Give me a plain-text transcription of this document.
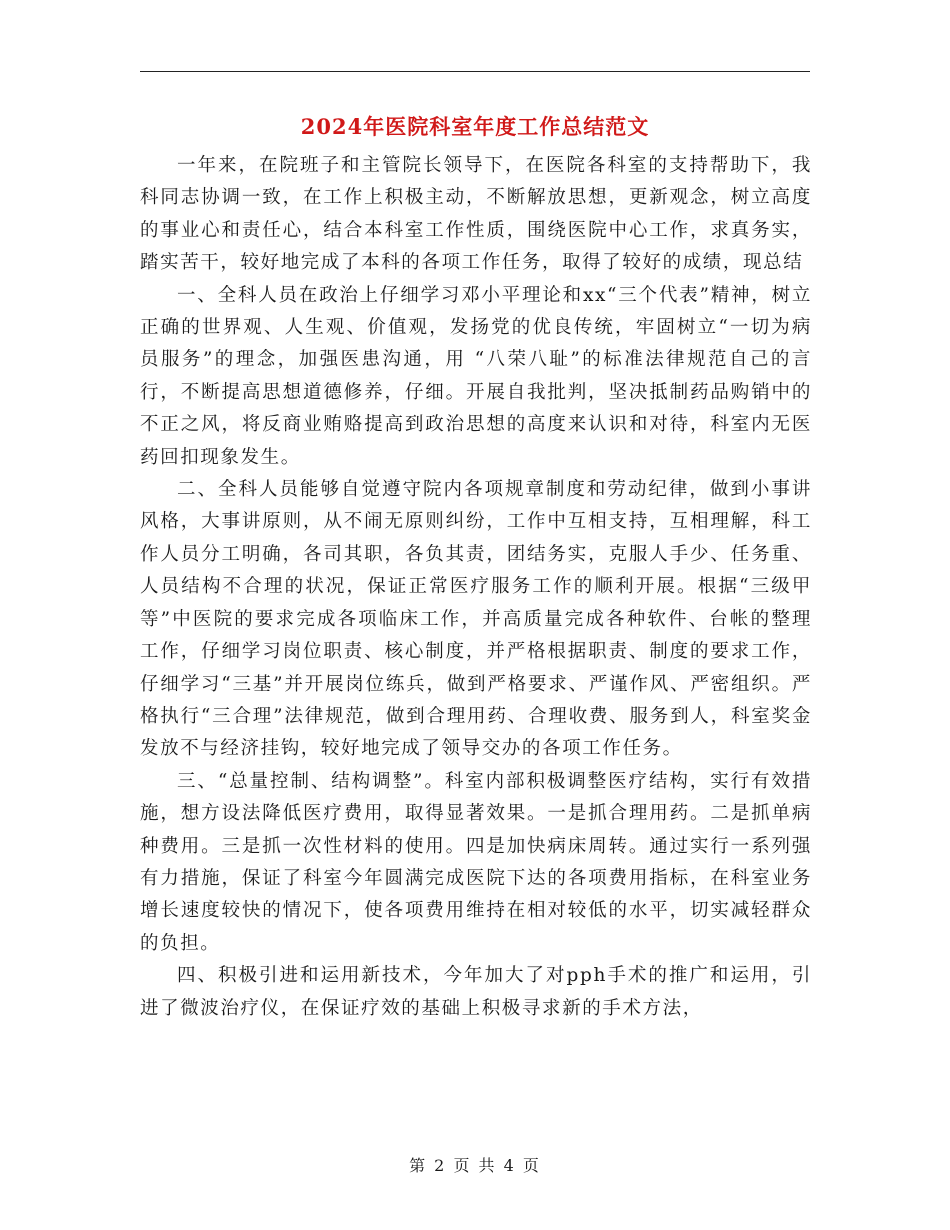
2024年医院科室年度工作总结范文

一年来，在院班子和主管院长领导下，在医院各科室的支持帮助下，我科同志协调一致，在工作上积极主动，不断解放思想，更新观念，树立高度的事业心和责任心，结合本科室工作性质，围绕医院中心工作，求真务实，踏实苦干，较好地完成了本科的各项工作任务，取得了较好的成绩，现总结

一、全科人员在政治上仔细学习邓小平理论和xx“三个代表”精神，树立正确的世界观、人生观、价值观，发扬党的优良传统，牢固树立“一切为病员服务”的理念，加强医患沟通，用 “八荣八耻”的标准法律规范自己的言行，不断提高思想道德修养，仔细。开展自我批判，坚决抵制药品购销中的不正之风，将反商业贿赂提高到政治思想的高度来认识和对待，科室内无医药回扣现象发生。

二、全科人员能够自觉遵守院内各项规章制度和劳动纪律，做到小事讲风格，大事讲原则，从不闹无原则纠纷，工作中互相支持，互相理解，科工作人员分工明确，各司其职，各负其责，团结务实，克服人手少、任务重、人员结构不合理的状况，保证正常医疗服务工作的顺利开展。根据“三级甲等”中医院的要求完成各项临床工作，并高质量完成各种软件、台帐的整理工作，仔细学习岗位职责、核心制度，并严格根据职责、制度的要求工作，仔细学习“三基”并开展岗位练兵，做到严格要求、严谨作风、严密组织。严格执行“三合理”法律规范，做到合理用药、合理收费、服务到人，科室奖金发放不与经济挂钩，较好地完成了领导交办的各项工作任务。

三、“总量控制、结构调整”。科室内部积极调整医疗结构，实行有效措施，想方设法降低医疗费用，取得显著效果。一是抓合理用药。二是抓单病种费用。三是抓一次性材料的使用。四是加快病床周转。通过实行一系列强有力措施，保证了科室今年圆满完成医院下达的各项费用指标，在科室业务增长速度较快的情况下，使各项费用维持在相对较低的水平，切实减轻群众的负担。

四、积极引进和运用新技术，今年加大了对pph手术的推广和运用，引进了微波治疗仪，在保证疗效的基础上积极寻求新的手术方法，

第 2 页 共 4 页
